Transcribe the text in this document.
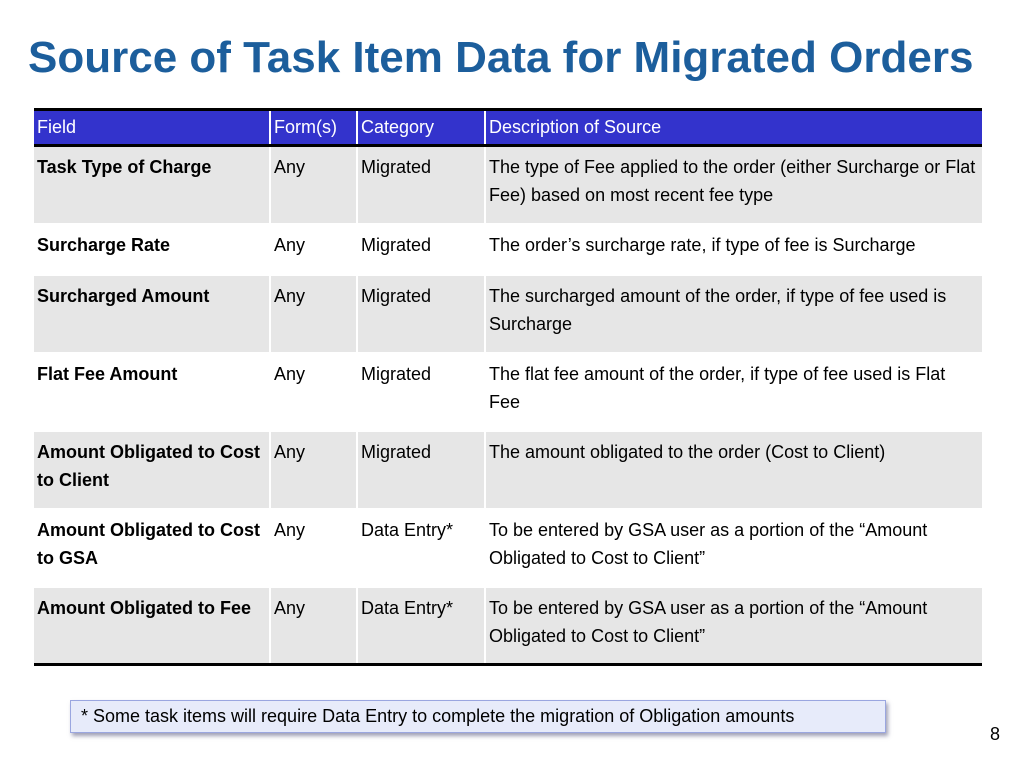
Source of Task Item Data for Migrated Orders
Field	Form(s)	Category	Description of Source
Task Type of Charge	Any	Migrated	The type of Fee applied to the order (either Surcharge or Flat Fee) based on most recent fee type
Surcharge Rate	Any	Migrated	The order’s surcharge rate, if type of fee is Surcharge
Surcharged Amount	Any	Migrated	The surcharged amount of the order, if type of fee used is Surcharge
Flat Fee Amount	Any	Migrated	The flat fee amount of the order, if type of fee used is Flat Fee
Amount Obligated to Cost to Client	Any	Migrated	The amount obligated to the order (Cost to Client)
Amount Obligated to Cost to GSA	Any	Data Entry*	To be entered by GSA user as a portion of the “Amount Obligated to Cost to Client”
Amount Obligated to Fee	Any	Data Entry*	To be entered by GSA user as a portion of the “Amount Obligated to Cost to Client”
* Some task items will require Data Entry to complete the migration of Obligation amounts
8
